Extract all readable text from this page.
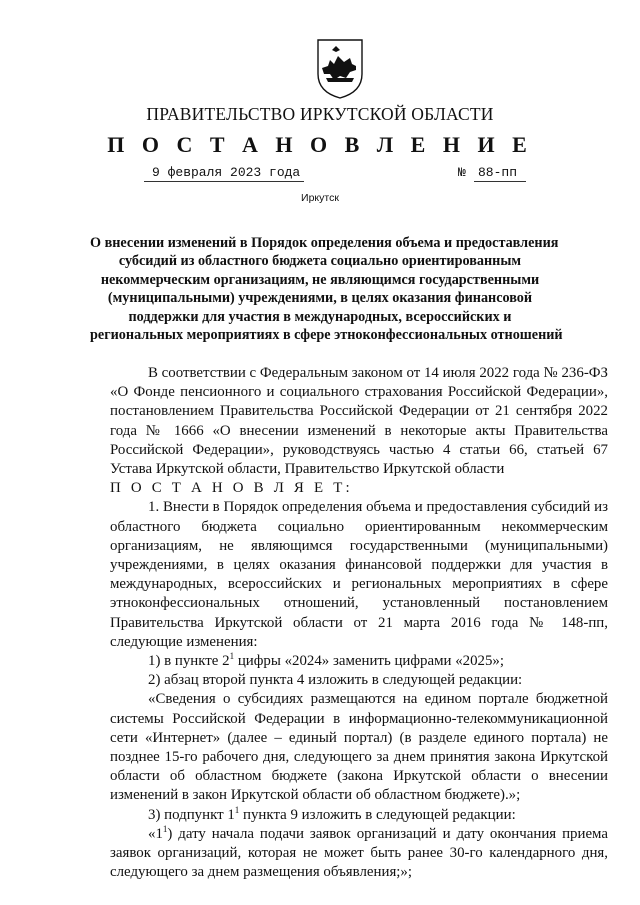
ПРАВИТЕЛЬСТВО ИРКУТСКОЙ ОБЛАСТИ
П О С Т А Н О В Л Е Н И Е
9 февраля 2023 года	№ 88-пп
Иркутск
О внесении изменений в Порядок определения объема и предоставления
субсидий из областного бюджета социально ориентированным
некоммерческим организациям, не являющимся государственными
(муниципальными) учреждениями, в целях оказания финансовой
поддержки для участия в международных, всероссийских и
региональных мероприятиях в сфере этноконфессиональных отношений

В соответствии с Федеральным законом от 14 июля 2022 года № 236-ФЗ «О Фонде пенсионного и социального страхования Российской Федерации», постановлением Правительства Российской Федерации от 21 сентября 2022 года № 1666 «О внесении изменений в некоторые акты Правительства Российской Федерации», руководствуясь частью 4 статьи 66, статьей 67 Устава Иркутской области, Правительство Иркутской области

П О С Т А Н О В Л Я Е Т:

1. Внести в Порядок определения объема и предоставления субсидий из областного бюджета социально ориентированным некоммерческим организациям, не являющимся государственными (муниципальными) учреждениями, в целях оказания финансовой поддержки для участия в международных, всероссийских и региональных мероприятиях в сфере этноконфессиональных отношений, установленный постановлением Правительства Иркутской области от 21 марта 2016 года № 148-пп, следующие изменения:

1) в пункте $2^1$ цифры «2024» заменить цифрами «2025»;

2) абзац второй пункта 4 изложить в следующей редакции:

«Сведения о субсидиях размещаются на едином портале бюджетной системы Российской Федерации в информационно-телекоммуникационной сети «Интернет» (далее – единый портал) (в разделе единого портала) не позднее 15-го рабочего дня, следующего за днем принятия закона Иркутской области об областном бюджете (закона Иркутской области о внесении изменений в закон Иркутской области об областном бюджете).»;

3) подпункт $1^1$ пункта 9 изложить в следующей редакции:

«$1^1$) дату начала подачи заявок организаций и дату окончания приема заявок организаций, которая не может быть ранее 30-го календарного дня, следующего за днем размещения объявления;»;
